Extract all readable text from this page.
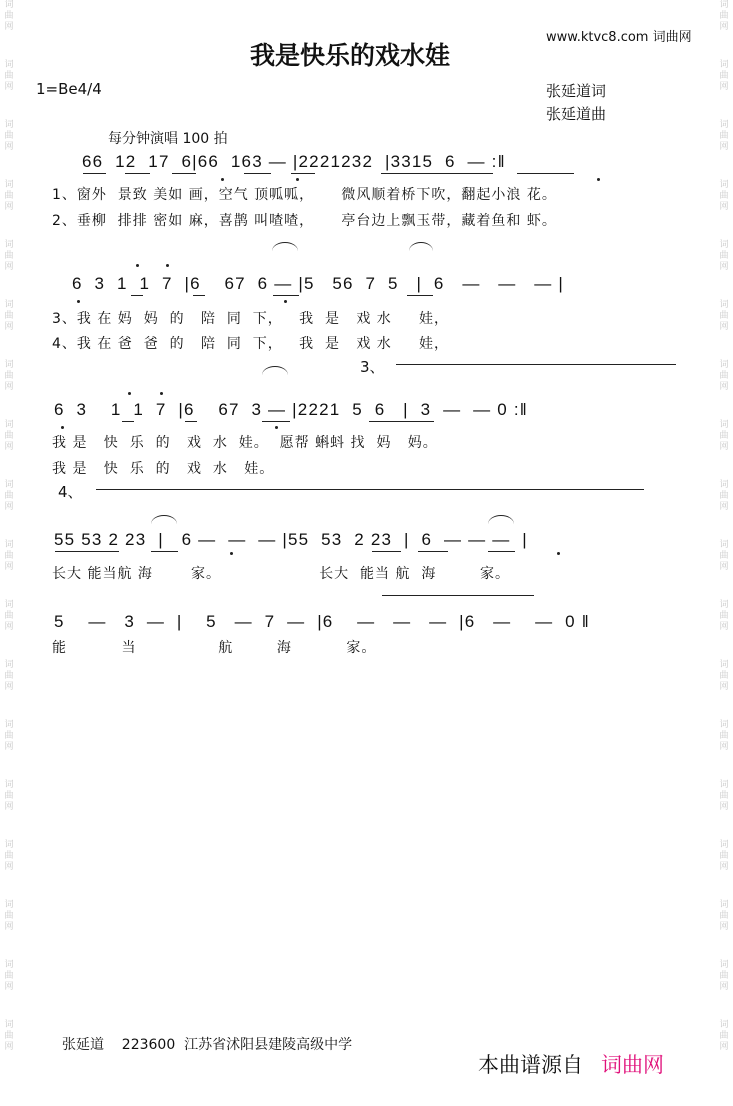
词
曲
网
词
曲
网
词
曲
网
词
曲
网
词
曲
网
词
曲
网
词
曲
网
词
曲
网
词
曲
网
词
曲
网
词
曲
网
词
曲
网
词
曲
网
词
曲
网
词
曲
网
词
曲
网
词
曲
网
词
曲
网
词
曲
网
词
曲
网
词
曲
网
词
曲
网
词
曲
网
词
曲
网
词
曲
网
词
曲
网
词
曲
网
词
曲
网
词
曲
网
词
曲
网
词
曲
网
词
曲
网
词
曲
网
词
曲
网
词
曲
网
词
曲
网
www.ktvc8.com 词曲网
我是快乐的戏水娃
1=Be4/4	张延道词
张延道曲
每分钟演唱 100 拍
66  12  17  6|66  163 — |2221232  |3315  6  — :‖
1、窗外  景致 美如 画，空气 顶呱呱，     微风顺着桥下吹，翻起小浪 花。
2、垂柳  排排 密如 麻，喜鹊 叫喳喳，     亭台边上飘玉带，藏着鱼和 虾。
6  3  1  1  7  |6    67  6 — |5   56  7  5   |  6   —   —   — |
3、我 在 妈  妈  的   陪  同  下，   我  是   戏 水     娃，
4、我 在 爸  爸  的   陪  同  下，   我  是   戏 水     娃，
3、
6  3    1  1  7  |6    67  3 — |2221  5  6   |  3  —  — 0 :‖
我 是   快  乐  的   戏  水  娃。  愿帮 蝌蚪 找  妈   妈。
我 是   快  乐  的   戏  水   娃。
4、
55 53 2 23  |   6 —  —  — |55  53  2 23  |  6  — — —  |
长大 能当航 海       家。                  长大  能当 航  海        家。
5    —   3  —  |    5   —  7  —  |6    —   —   —  |6   —    —  0 ‖
能          当               航        海          家。
张延道    223600  江苏省沭阳县建陵高级中学
本曲谱源自 词曲网
